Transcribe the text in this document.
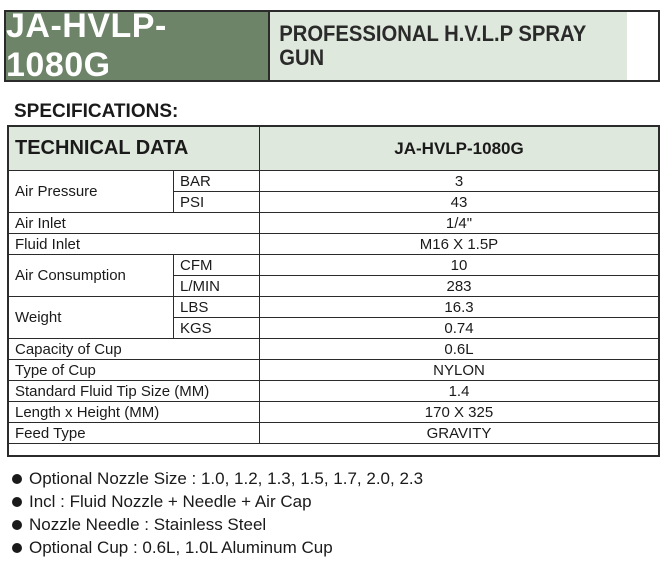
JA-HVLP-1080G
PROFESSIONAL H.V.L.P SPRAY GUN
SPECIFICATIONS:
TECHNICAL DATA		JA-HVLP-1080G
Air Pressure	BAR	3
	PSI	43
Air Inlet		1/4"
Fluid Inlet		M16 X 1.5P
Air Consumption	CFM	10
	L/MIN	283
Weight	LBS	16.3
	KGS	0.74
Capacity of Cup		0.6L
Type of Cup		NYLON
Standard Fluid Tip Size (MM)		1.4
Length x Height (MM)		170 X 325
Feed Type		GRAVITY
Optional Nozzle Size : 1.0, 1.2, 1.3, 1.5, 1.7, 2.0, 2.3
Incl : Fluid Nozzle + Needle + Air Cap
Nozzle Needle : Stainless Steel
Optional Cup : 0.6L, 1.0L Aluminum Cup
